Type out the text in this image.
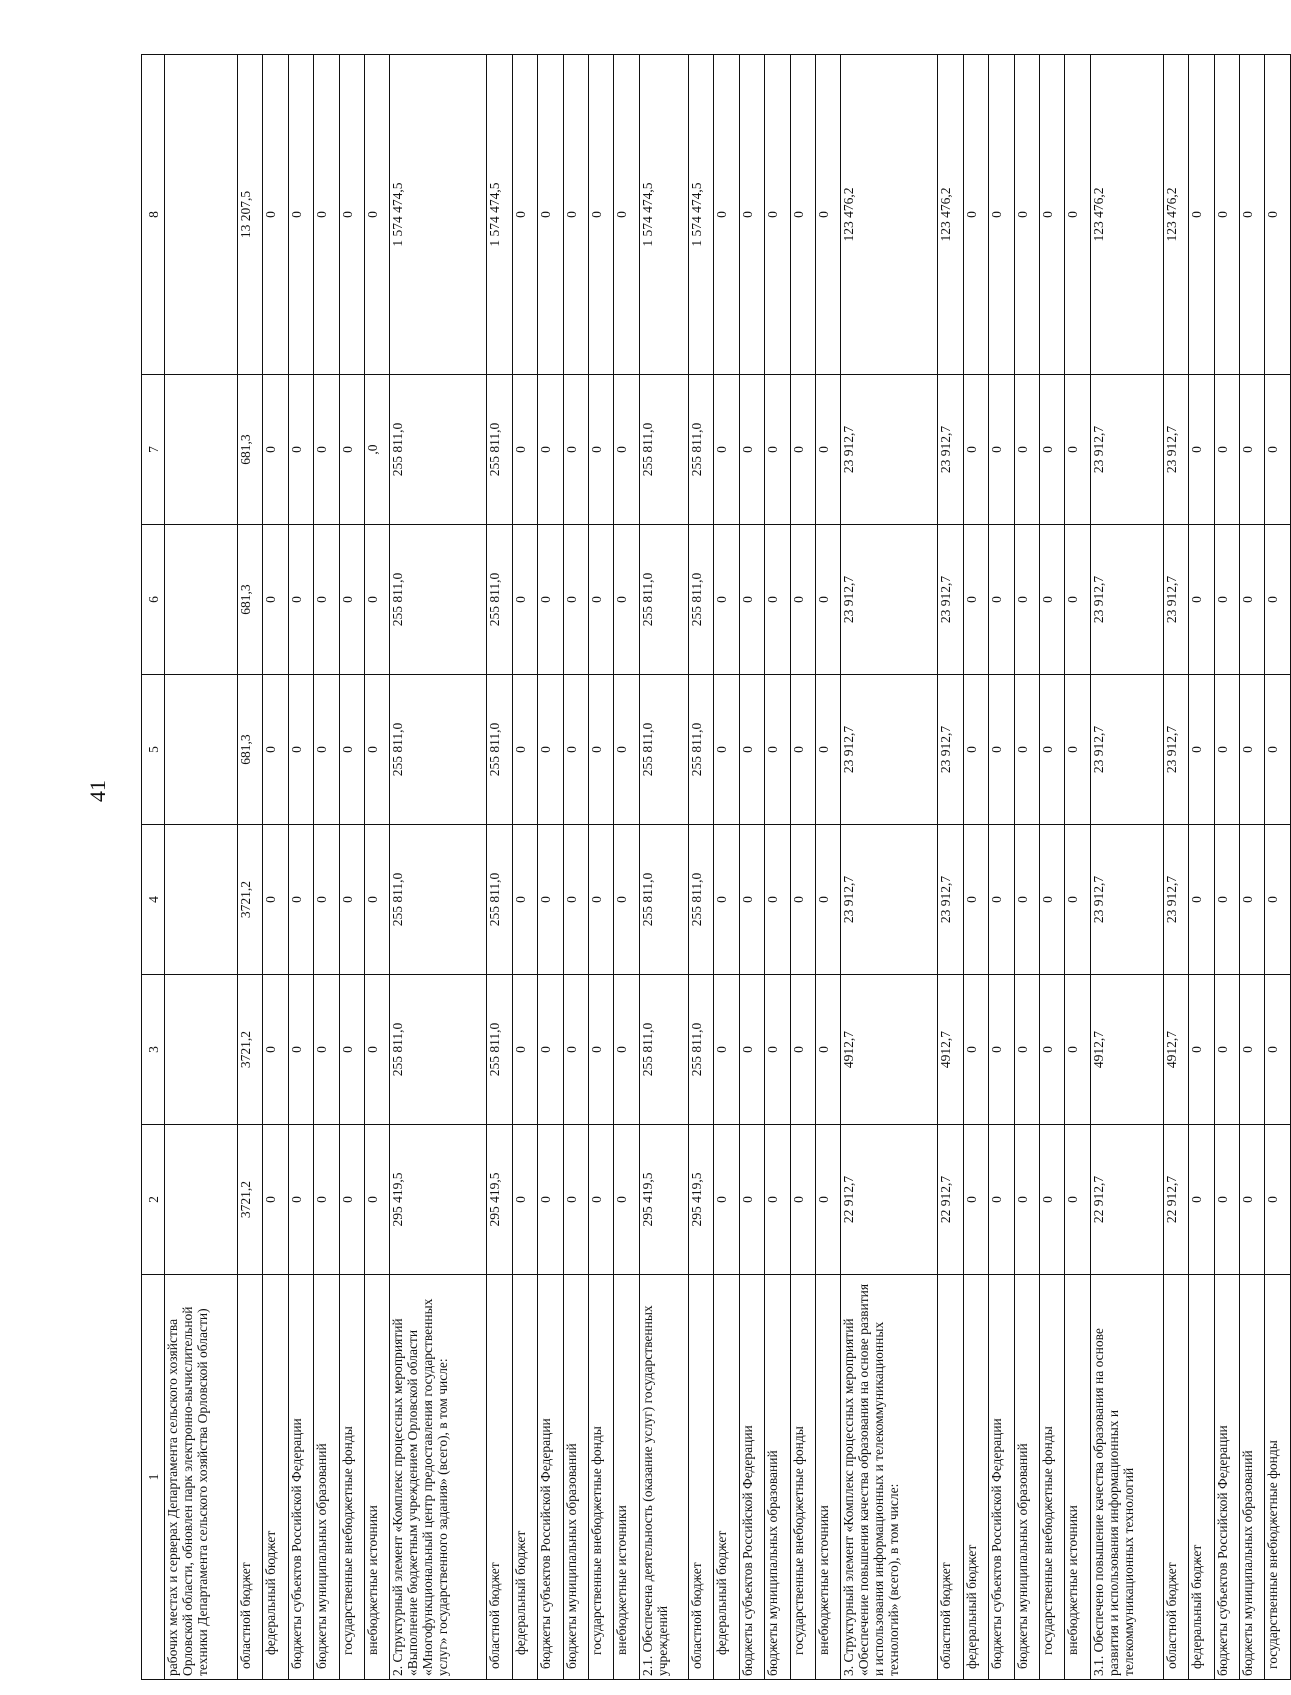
41
1	2	3	4	5	6	7	8
рабочих местах и серверах Департамента сельского хозяйства Орловской области, обновлен парк электронно-вычислительной техники Департамента сельского хозяйства Орловской области)							
областной бюджет	3721,2	3721,2	3721,2	681,3	681,3	681,3	13 207,5
федеральный бюджет	0	0	0	0	0	0	0
бюджеты субъектов Российской Федерации	0	0	0	0	0	0	0
бюджеты муниципальных образований	0	0	0	0	0	0	0
государственные внебюджетные фонды	0	0	0	0	0	0	0
внебюджетные источники	0	0	0	0	0	,0	0
2. Структурный элемент «Комплекс процессных мероприятий «Выполнение бюджетным учреждением Орловской области «Многофункциональный центр предоставления государственных услуг» государственного задания» (всего), в том числе:	295 419,5	255 811,0	255 811,0	255 811,0	255 811,0	255 811,0	1 574 474,5
областной бюджет	295 419,5	255 811,0	255 811,0	255 811,0	255 811,0	255 811,0	1 574 474,5
федеральный бюджет	0	0	0	0	0	0	0
бюджеты субъектов Российской Федерации	0	0	0	0	0	0	0
бюджеты муниципальных образований	0	0	0	0	0	0	0
государственные внебюджетные фонды	0	0	0	0	0	0	0
внебюджетные источники	0	0	0	0	0	0	0
2.1. Обеспечена деятельность (оказание услуг) государственных учреждений	295 419,5	255 811,0	255 811,0	255 811,0	255 811,0	255 811,0	1 574 474,5
областной бюджет	295 419,5	255 811,0	255 811,0	255 811,0	255 811,0	255 811,0	1 574 474,5
федеральный бюджет	0	0	0	0	0	0	0
бюджеты субъектов Российской Федерации	0	0	0	0	0	0	0
бюджеты муниципальных образований	0	0	0	0	0	0	0
государственные внебюджетные фонды	0	0	0	0	0	0	0
внебюджетные источники	0	0	0	0	0	0	0
3. Структурный элемент «Комплекс процессных мероприятий «Обеспечение повышения качества образования на основе развития и использования информационных и телекоммуникационных технологий» (всего), в том числе:	22 912,7	4912,7	23 912,7	23 912,7	23 912,7	23 912,7	123 476,2
областной бюджет	22 912,7	4912,7	23 912,7	23 912,7	23 912,7	23 912,7	123 476,2
федеральный бюджет	0	0	0	0	0	0	0
бюджеты субъектов Российской Федерации	0	0	0	0	0	0	0
бюджеты муниципальных образований	0	0	0	0	0	0	0
государственные внебюджетные фонды	0	0	0	0	0	0	0
внебюджетные источники	0	0	0	0	0	0	0
3.1. Обеспечено повышение качества образования на основе развития и использования информационных и телекоммуникационных технологий	22 912,7	4912,7	23 912,7	23 912,7	23 912,7	23 912,7	123 476,2
областной бюджет	22 912,7	4912,7	23 912,7	23 912,7	23 912,7	23 912,7	123 476,2
федеральный бюджет	0	0	0	0	0	0	0
бюджеты субъектов Российской Федерации	0	0	0	0	0	0	0
бюджеты муниципальных образований	0	0	0	0	0	0	0
государственные внебюджетные фонды	0	0	0	0	0	0	0
